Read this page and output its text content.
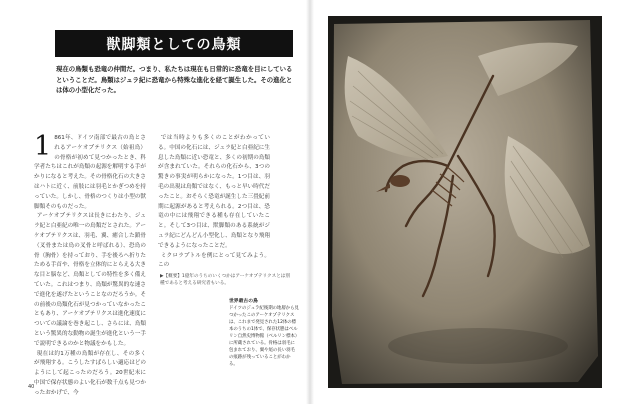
獣脚類としての鳥類
現在の鳥類も恐竜の仲間だ。つまり、私たちは現在も日常的に恐竜を目にしているということだ。鳥類はジュラ紀に恐竜から特殊な進化を経て誕生した。その進化とは体の小型化だった。

1 861年、ドイツ南部で最古の鳥とされるアーケオプテリクス（始祖鳥）の骨格が初めて見つかったとき、科学者たちはこれが鳥類の起源を解明する手がかりになると考えた。その骨格化石の大きさはハトに近く、前肢には羽毛とかぎつめを持っていた。しかし、骨格のつくりは小型の獣脚類そのものだった。

アーケオプテリクスは長きにわたり、ジュラ紀と白亜紀の唯一の鳥類だとされた。アーケオプテリクスは、羽毛、翼、癒合した鎖骨（叉骨または鳥の叉骨と呼ばれる）、恐鳥の骨（胸骨）を持っており、手を後ろへ折りたためる手首や、骨格を立体的にとらえる大きな目と脳など、鳥類としての特性を多く備えていた。これはつまり、鳥類が驚異的な速さで進化を遂げたということなのだろうか。その前後の鳥類化石が見つかっていなかったこともあり、アーケオプテリクスは進化速度についての議論を巻き起こし、さらには、鳥類という驚異的な動物の誕生が進化という一手で説明できるのかと物議をかもした。

現在は約1万種の鳥類が存在し、その多くが飛翔する。こうしたすばらしい適応はどのようにして起こったのだろう。20世紀末に中国で保存状態のよい化石が数千点も見つかったおかげで、今

では当時よりも多くのことがわかっている。中国の化石には、ジュラ紀と白亜紀に生息した鳥類に近い恐竜と、多くの初期の鳥類が含まれていた。それらの化石から、3つの驚きの事実が明らかになった。1つ目は、羽毛の出現は鳥類ではなく、もっと早い時代だったこと。おそらく恐竜が誕生した三畳紀前期に起源があると考えられる。2つ目は、恐竜の中には飛翔できる種も存在していたこと。そして3つ目は、獣脚類のある系統がジュラ紀にどんどん小型化し、鳥類となり飛翔できるようになったことだ。

ミクロラプトルを例にとって見てみよう。この

▶【概要】1億年のうちのいくつかはアーケオプテリクスとは別種であると考える研究者もいる。
40
世界最古の鳥
ドイツのジュラ紀後期の地層から見つかったこのアーケオプテリクスは、これまで発見された12体の標本のうちの1体で、保存状態はベルリン自然史博物館（ベルリン標本）に所蔵されている。骨格は羽毛に包まれており、翼や尾の長い羽毛の痕跡が残っていることがわかる。
